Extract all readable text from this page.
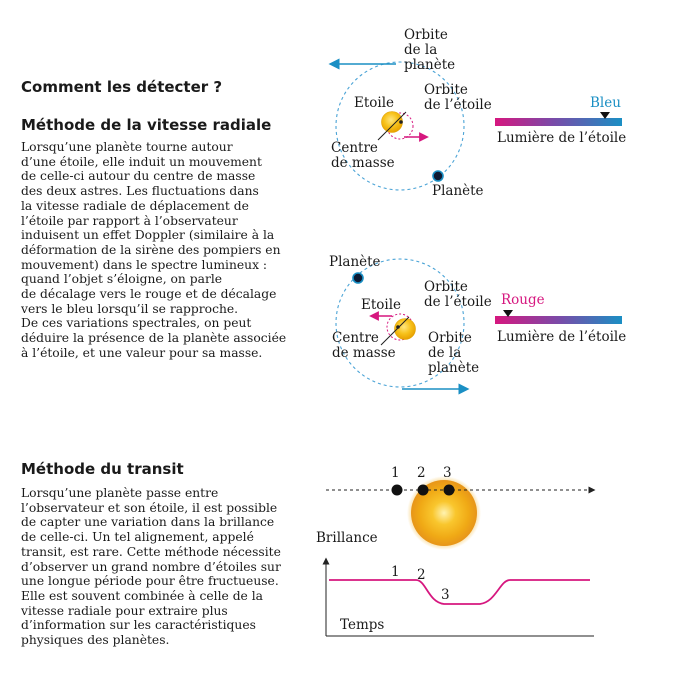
Comment les détecter ?
Méthode de la vitesse radiale
Lorsqu’une planète tourne autour
d’une étoile, elle induit un mouvement
de celle-ci autour du centre de masse
des deux astres. Les fluctuations dans
la vitesse radiale de déplacement de
l’étoile par rapport à l’observateur
induisent un effet Doppler (similaire à la
déformation de la sirène des pompiers en
mouvement) dans le spectre lumineux :
quand l’objet s’éloigne, on parle
de décalage vers le rouge et de décalage
vers le bleu lorsqu’il se rapproche.
De ces variations spectrales, on peut
déduire la présence de la planète associée
à l’étoile, et une valeur pour sa masse.
Méthode du transit
Lorsqu’une planète passe entre
l’observateur et son étoile, il est possible
de capter une variation dans la brillance
de celle-ci. Un tel alignement, appelé
transit, est rare. Cette méthode nécessite
d’observer un grand nombre d’étoiles sur
une longue période pour être fructueuse.
Elle est souvent combinée à celle de la
vitesse radiale pour extraire plus
d’information sur les caractéristiques
physiques des planètes.
Orbite
de la
planète
Etoile
Orbite
de l’étoile
Centre
de masse
Planète
Bleu
Lumière de l’étoile
Planète
Orbite
de l’étoile
Etoile
Centre
de masse
Orbite
de la
planète
Rouge
Lumière de l’étoile
1 2 3
Brillance
1 2
3
Temps
